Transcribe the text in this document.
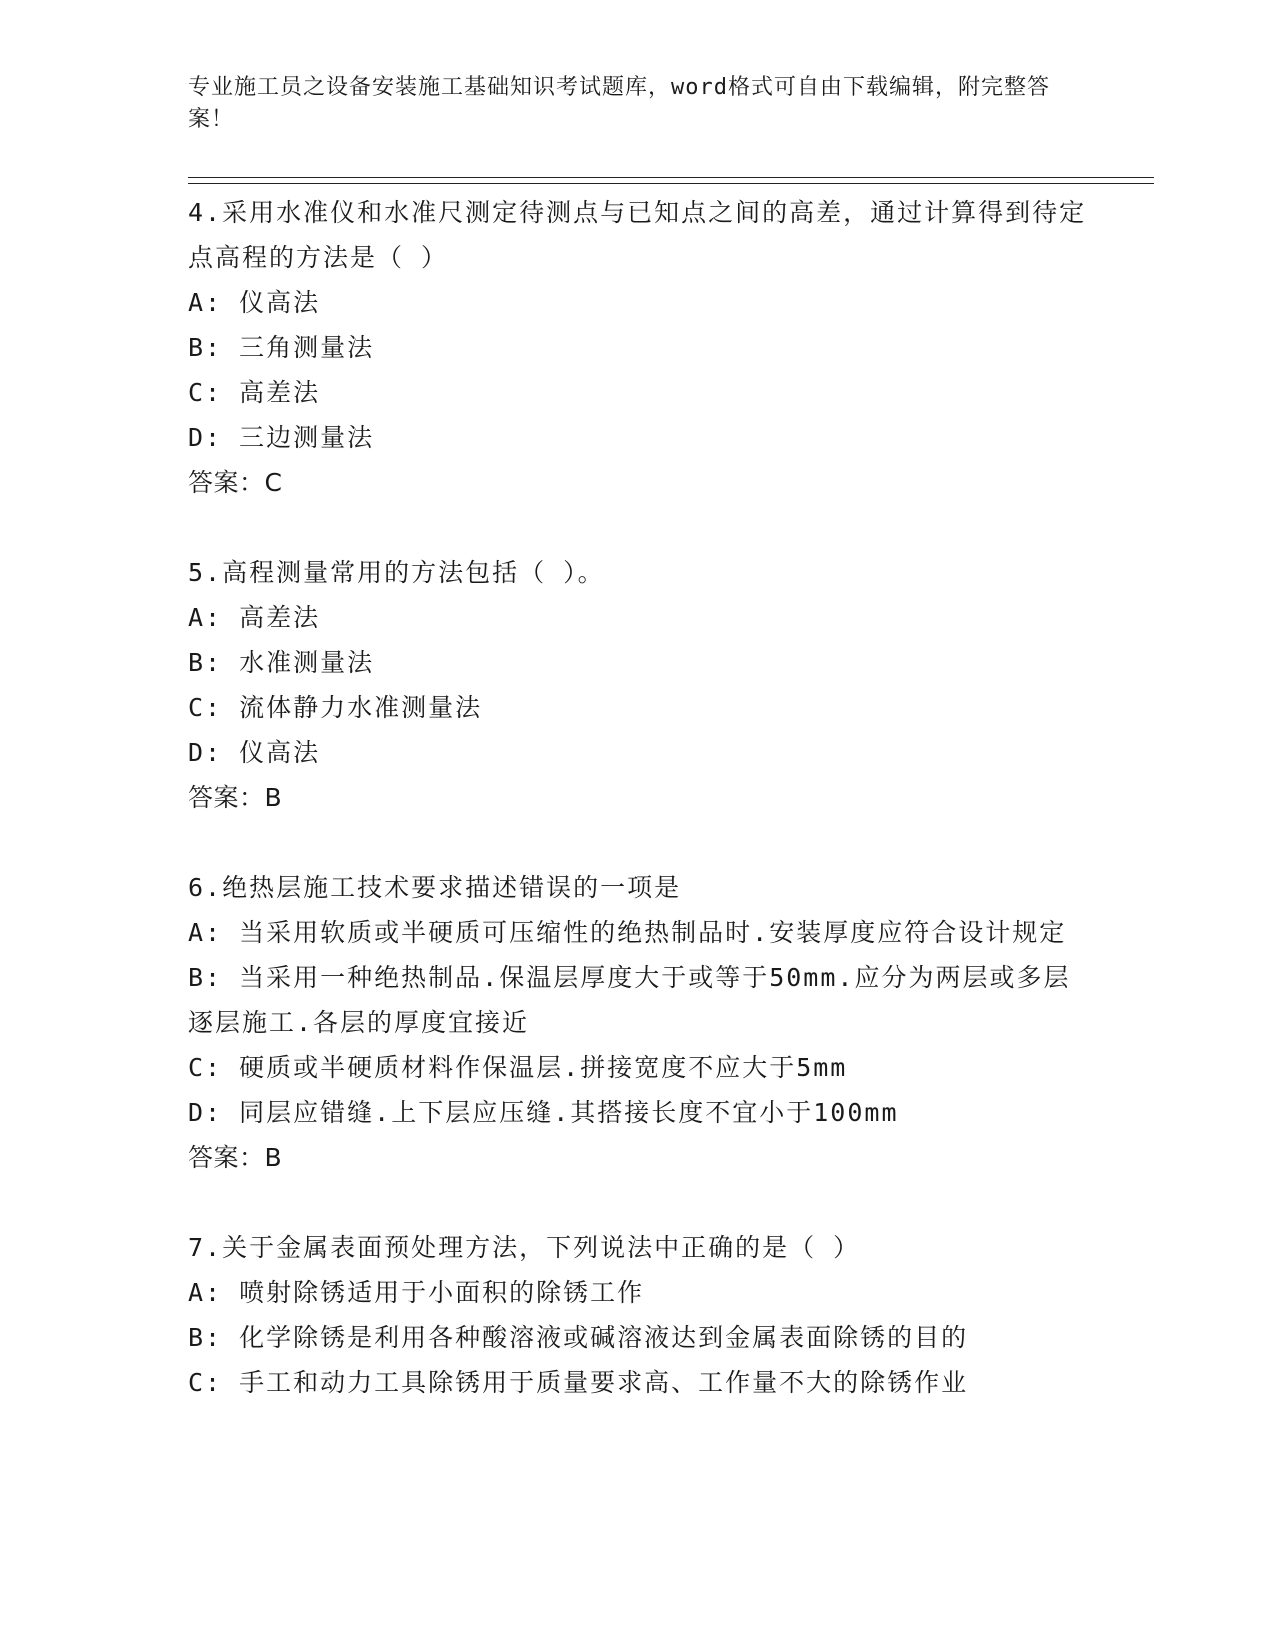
专业施工员之设备安装施工基础知识考试题库，word格式可自由下载编辑，附完整答案！
4.采用水准仪和水准尺测定待测点与已知点之间的高差，通过计算得到待定点高程的方法是（ ）
A: 仪高法
B: 三角测量法
C: 高差法
D: 三边测量法
答案：C
5.高程测量常用的方法包括（ ）。
A: 高差法
B: 水准测量法
C: 流体静力水准测量法
D: 仪高法
答案：B
6.绝热层施工技术要求描述错误的一项是
A: 当采用软质或半硬质可压缩性的绝热制品时.安装厚度应符合设计规定
B: 当采用一种绝热制品.保温层厚度大于或等于50mm.应分为两层或多层逐层施工.各层的厚度宜接近
C: 硬质或半硬质材料作保温层.拼接宽度不应大于5mm
D: 同层应错缝.上下层应压缝.其搭接长度不宜小于100mm
答案：B
7.关于金属表面预处理方法，下列说法中正确的是（ ）
A: 喷射除锈适用于小面积的除锈工作
B: 化学除锈是利用各种酸溶液或碱溶液达到金属表面除锈的目的
C: 手工和动力工具除锈用于质量要求高、工作量不大的除锈作业
